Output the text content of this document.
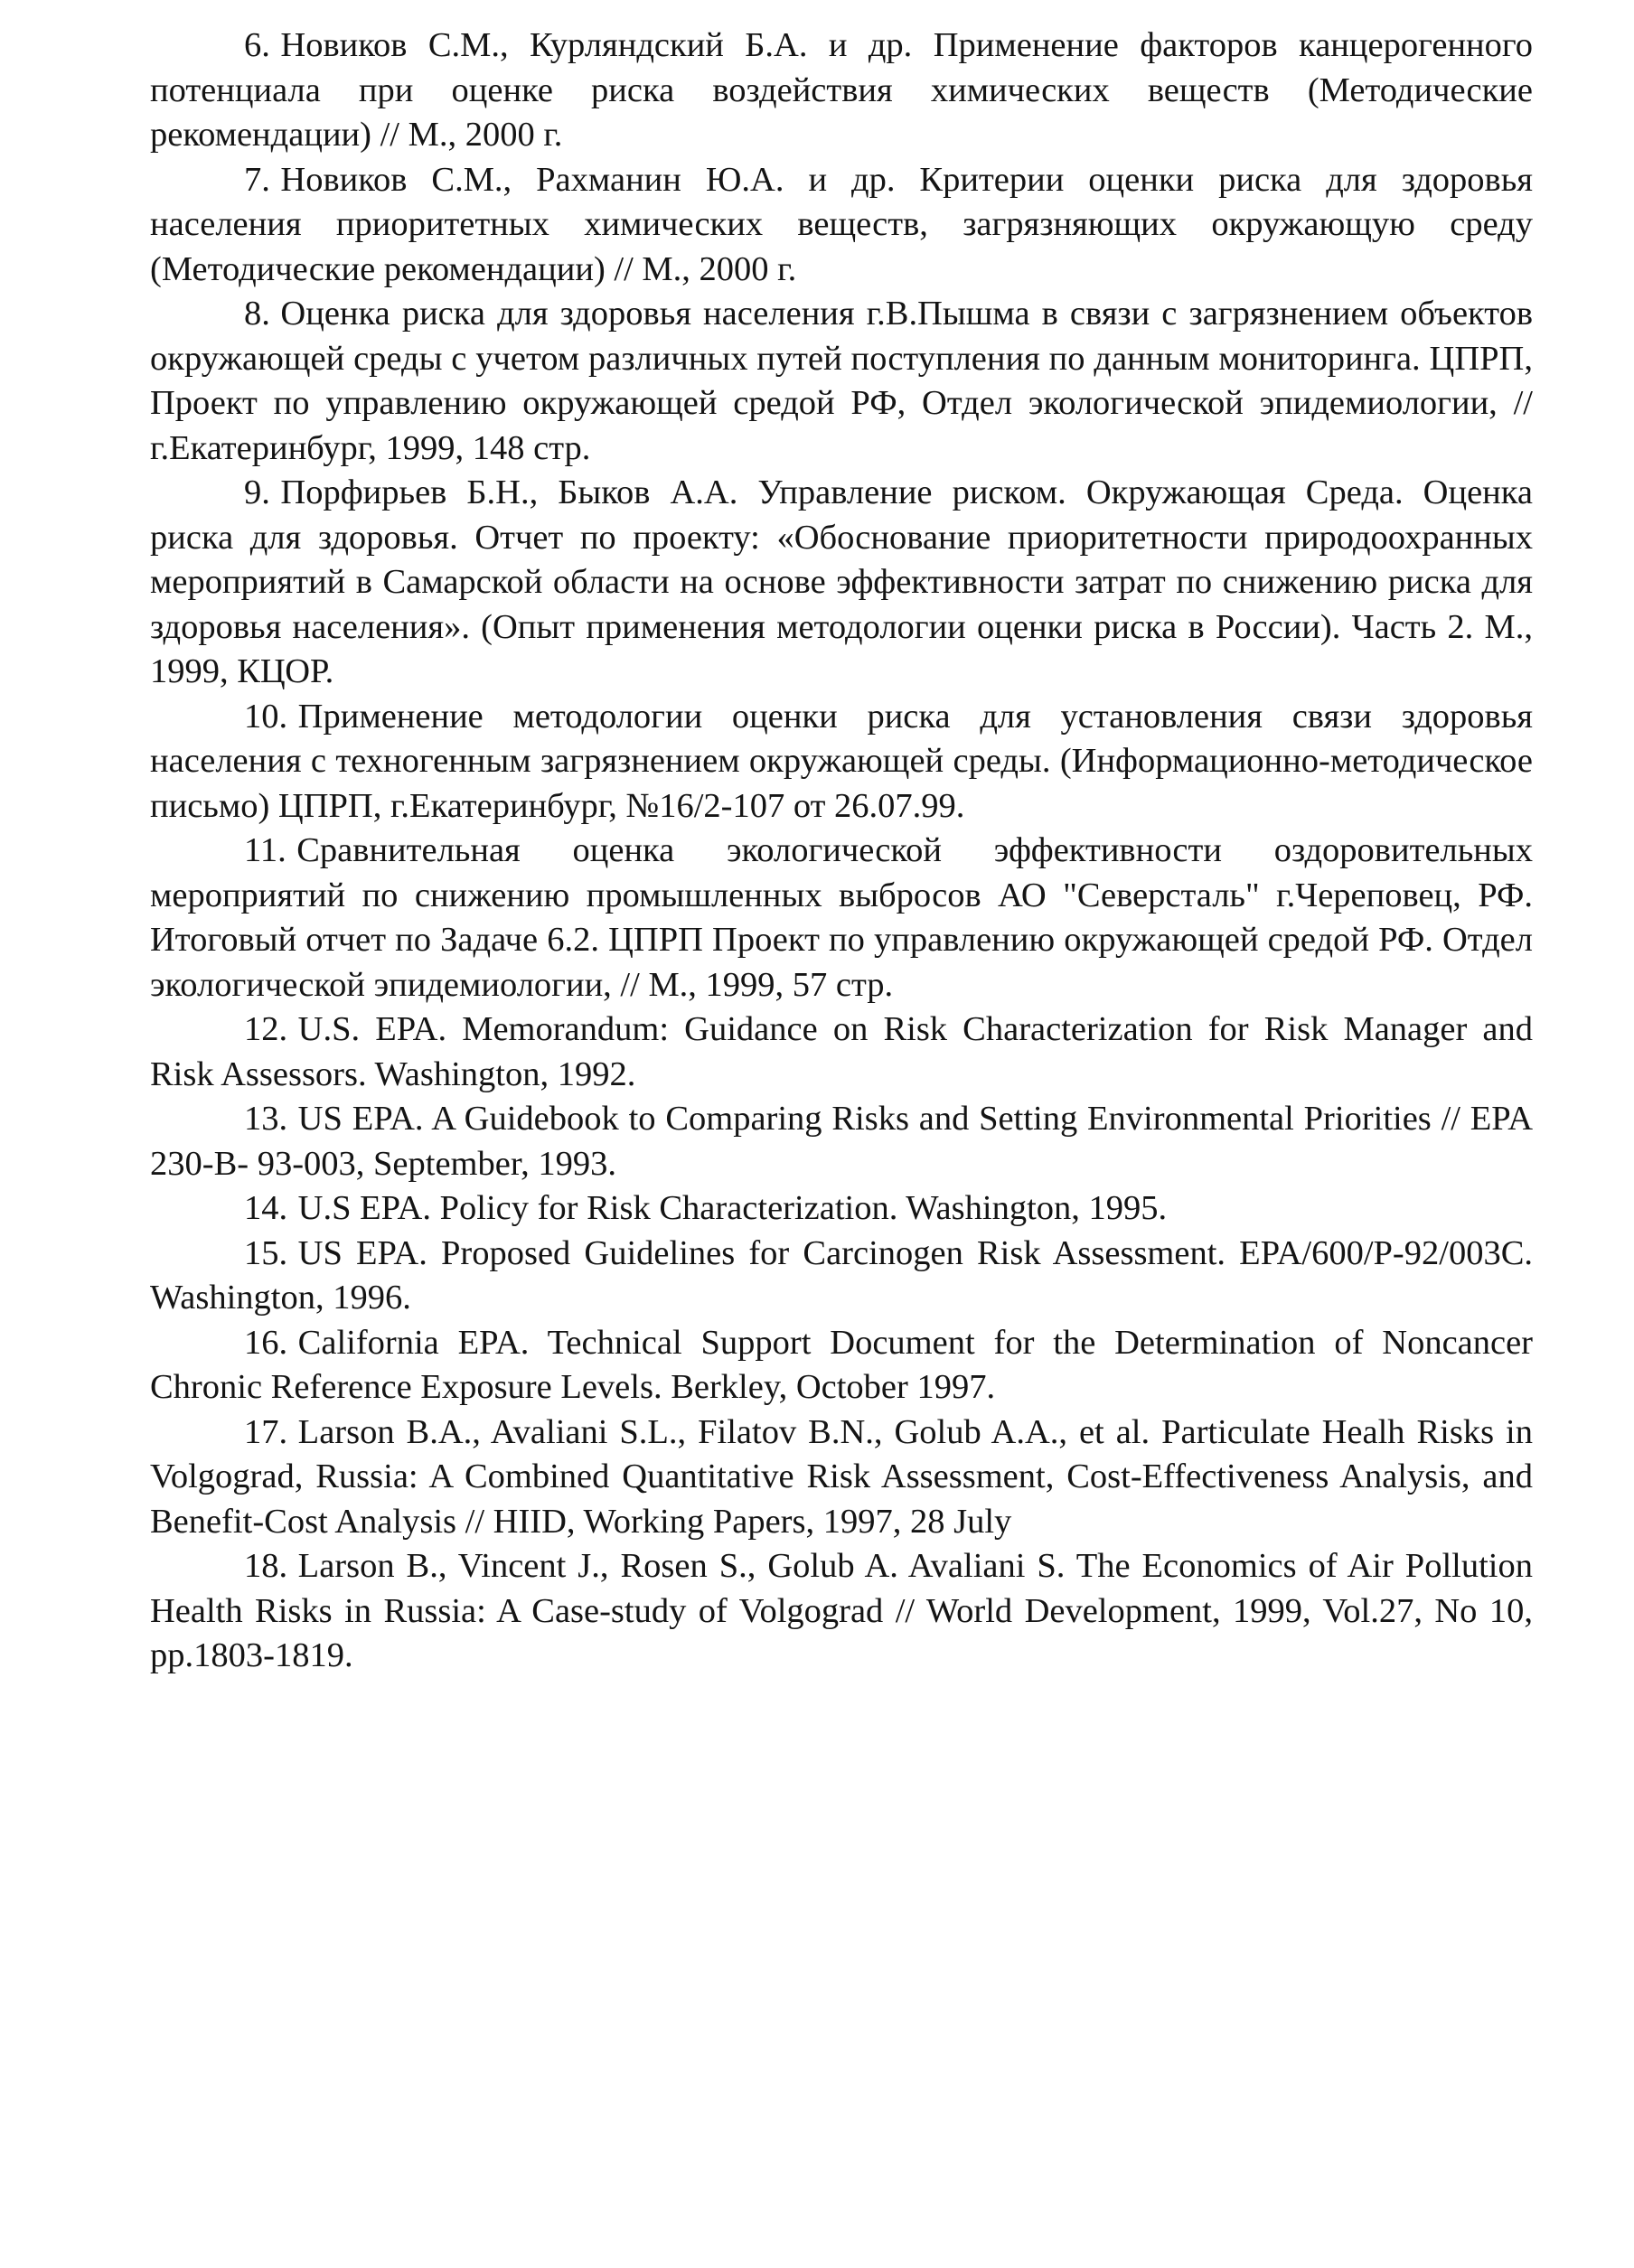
6. Новиков С.М., Курляндский Б.А. и др. Применение факторов канцерогенного потенциала при оценке риска воздействия химических веществ (Методические рекомендации) // М., 2000 г.
7. Новиков С.М., Рахманин Ю.А. и др. Критерии оценки риска для здоровья населения приоритетных химических веществ, загрязняющих окружающую среду (Методические рекомендации) // М., 2000 г.
8. Оценка риска для здоровья населения г.В.Пышма в связи с загрязнением объектов окружающей среды с учетом различных путей поступления по данным мониторинга. ЦПРП, Проект по управлению окружающей средой РФ, Отдел экологической эпидемиологии, // г.Екатеринбург, 1999, 148 стр.
9. Порфирьев Б.Н., Быков А.А. Управление риском. Окружающая Среда. Оценка риска для здоровья. Отчет по проекту: «Обоснование приоритетности природоохранных мероприятий в Самарской области на основе эффективности затрат по снижению риска для здоровья населения». (Опыт применения методологии оценки риска в России). Часть 2. М., 1999, КЦОР.
10. Применение методологии оценки риска для установления связи здоровья населения с техногенным загрязнением окружающей среды. (Информационно-методическое письмо) ЦПРП, г.Екатеринбург, №16/2-107 от 26.07.99.
11. Сравнительная оценка экологической эффективности оздоровительных мероприятий по снижению промышленных выбросов АО "Северсталь" г.Череповец, РФ. Итоговый отчет по Задаче 6.2. ЦПРП Проект по управлению окружающей средой РФ. Отдел экологической эпидемиологии, // М., 1999, 57 стр.
12. U.S. EPA. Memorandum: Guidance on Risk Characterization for Risk Manager and Risk Assessors. Washington, 1992.
13. US EPA. A Guidebook to Comparing Risks and Setting Environmental Priorities // EPA 230-B- 93-003, September, 1993.
14. U.S EPA. Policy for Risk Characterization. Washington, 1995.
15. US EPA. Proposed Guidelines for Carcinogen Risk Assessment. EPA/600/P-92/003C. Washington, 1996.
16. California EPA. Technical Support Document for the Determination of Noncancer Chronic Reference Exposure Levels. Berkley, October 1997.
17. Larson B.A., Avaliani S.L., Filatov B.N., Golub A.A., et al. Particulate Healh Risks in Volgograd, Russia: A Combined Quantitative Risk Assessment, Cost-Effectiveness Analysis, and Benefit-Cost Analysis // HIID, Working Papers, 1997, 28 July
18. Larson B., Vincent J., Rosen S., Golub A. Avaliani S. The Economics of Air Pollution Health Risks in Russia: A Case-study of Volgograd // World Development, 1999, Vol.27, No 10, pp.1803-1819.
